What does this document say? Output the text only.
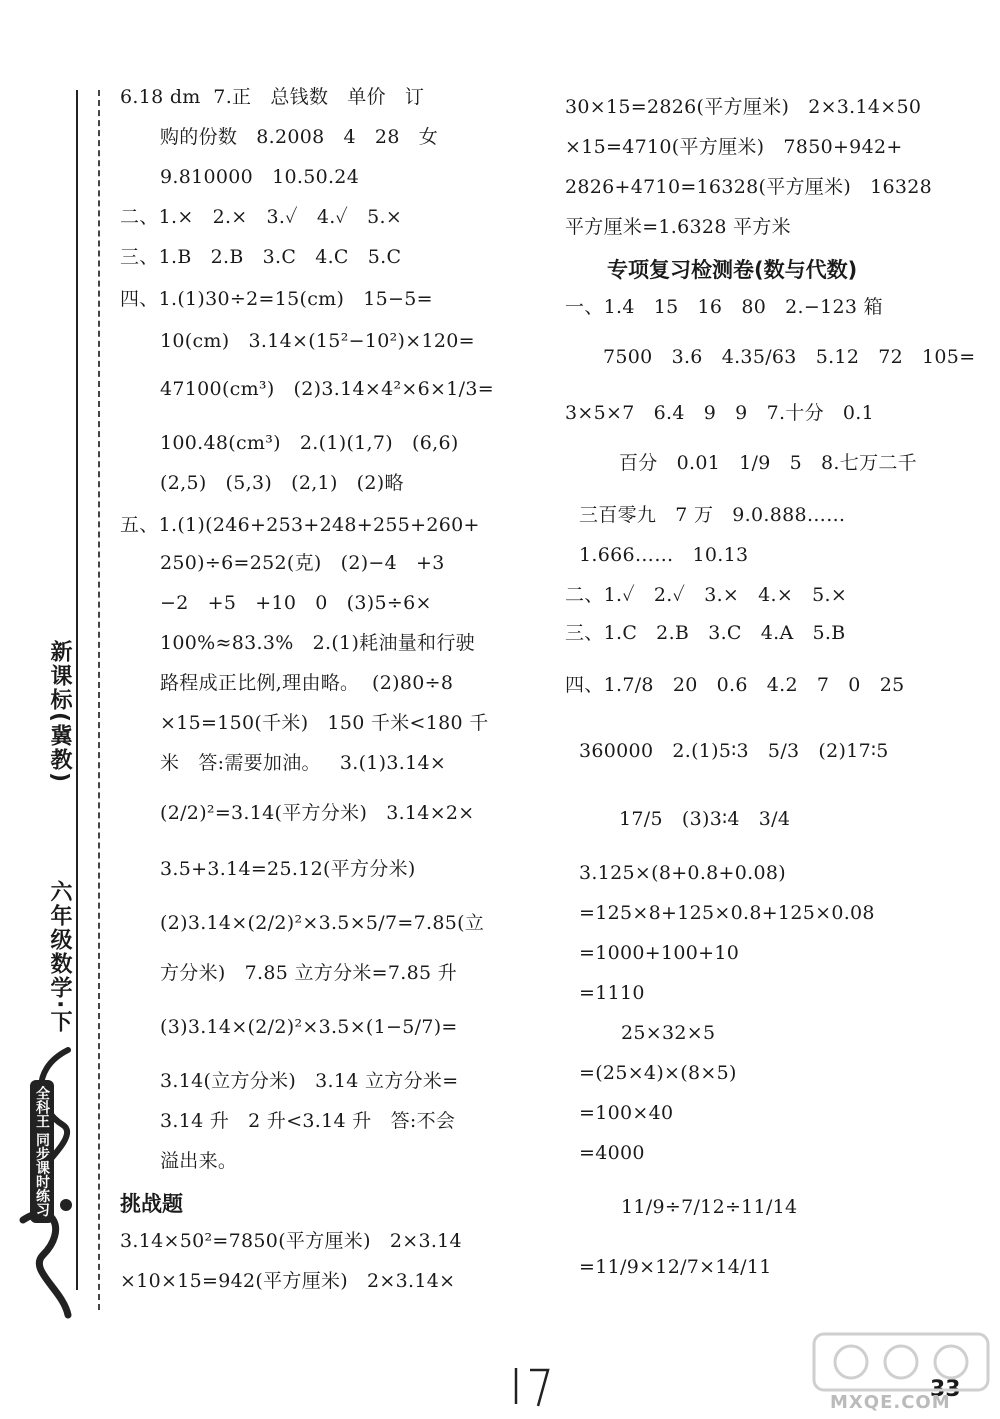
新课标(冀教)
六年级数学·下
全科王 同步课时练习
6.18 dm  7.正   总钱数   单价   订
购的份数   8.2008   4   28   女
9.810000   10.50.24
二、1.×   2.×   3.✓   4.✓   5.×
三、1.B   2.B   3.C   4.C   5.C
四、1.(1)30÷2=15(cm)   15−5=
10(cm)   3.14×(15²−10²)×120=
47100(cm³)   (2)3.14×4²×6×1/3=
100.48(cm³)   2.(1)(1,7)   (6,6)
(2,5)   (5,3)   (2,1)   (2)略
五、1.(1)(246+253+248+255+260+
250)÷6=252(克)   (2)−4   +3
−2   +5   +10   0   (3)5÷6×
100%≈83.3%   2.(1)耗油量和行驶
路程成正比例,理由略。  (2)80÷8
×15=150(千米)   150 千米<180 千
米   答:需要加油。   3.(1)3.14×
(2/2)²=3.14(平方分米)   3.14×2×
3.5+3.14=25.12(平方分米)
(2)3.14×(2/2)²×3.5×5/7=7.85(立
方分米)   7.85 立方分米=7.85 升
(3)3.14×(2/2)²×3.5×(1−5/7)=
3.14(立方分米)   3.14 立方分米=
3.14 升   2 升<3.14 升   答:不会
溢出来。
挑战题
3.14×50²=7850(平方厘米)   2×3.14
×10×15=942(平方厘米)   2×3.14×
30×15=2826(平方厘米)   2×3.14×50
×15=4710(平方厘米)   7850+942+
2826+4710=16328(平方厘米)   16328
平方厘米=1.6328 平方米
专项复习检测卷(数与代数)
一、1.4   15   16   80   2.−123 箱
7500   3.6   4.35/63   5.12   72   105=
3×5×7   6.4   9   9   7.十分   0.1
百分   0.01   1/9   5   8.七万二千
三百零九   7 万   9.0.888……
1.666……   10.13
二、1.✓   2.✓   3.×   4.×   5.×
三、1.C   2.B   3.C   4.A   5.B
四、1.7/8   20   0.6   4.2   7   0   25
360000   2.(1)5∶3   5/3   (2)17∶5
17/5   (3)3∶4   3/4
3.125×(8+0.8+0.08)
=125×8+125×0.8+125×0.08
=1000+100+10
=1110
25×32×5
=(25×4)×(8×5)
=100×40
=4000
11/9÷7/12÷11/14
=11/9×12/7×14/11
33
MXQE.COM
